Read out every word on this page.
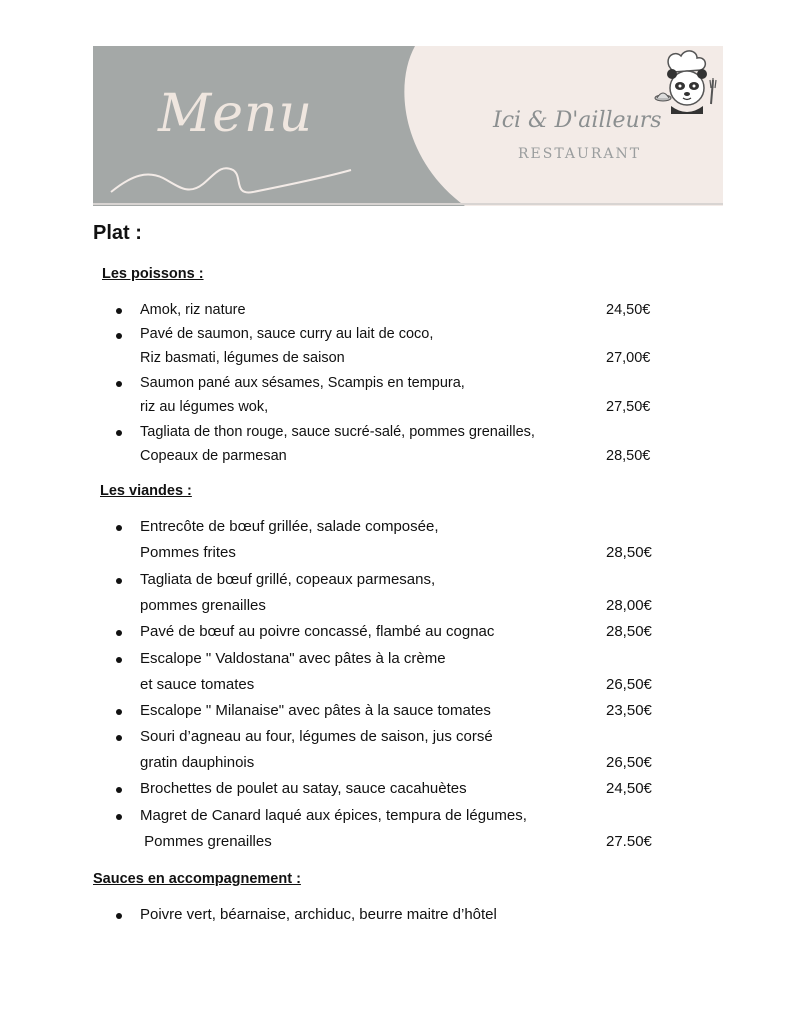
Menu	Ici & D'ailleurs
RESTAURANT
Plat :
Les poissons :
Amok, riz nature	24,50€
Pavé de saumon, sauce curry au lait de coco,
Riz basmati, légumes de saison	27,00€
Saumon pané aux sésames, Scampis en tempura,
riz au légumes wok,	27,50€
Tagliata de thon rouge, sauce sucré-salé, pommes grenailles,
Copeaux de parmesan	28,50€
Les viandes :
Entrecôte de bœuf grillée, salade composée,
Pommes frites	28,50€
Tagliata de bœuf grillé, copeaux parmesans,
pommes grenailles	28,00€
Pavé de bœuf au poivre concassé, flambé au cognac	28,50€
Escalope " Valdostana" avec pâtes à la crème
et sauce tomates	26,50€
Escalope " Milanaise" avec pâtes à la sauce tomates	23,50€
Souri d’agneau au four, légumes de saison, jus corsé
gratin dauphinois	26,50€
Brochettes de poulet au satay, sauce cacahuètes	24,50€
Magret de Canard laqué aux épices, tempura de légumes,
Pommes grenailles	27.50€
Sauces en accompagnement :
Poivre vert, béarnaise, archiduc, beurre maitre d’hôtel
